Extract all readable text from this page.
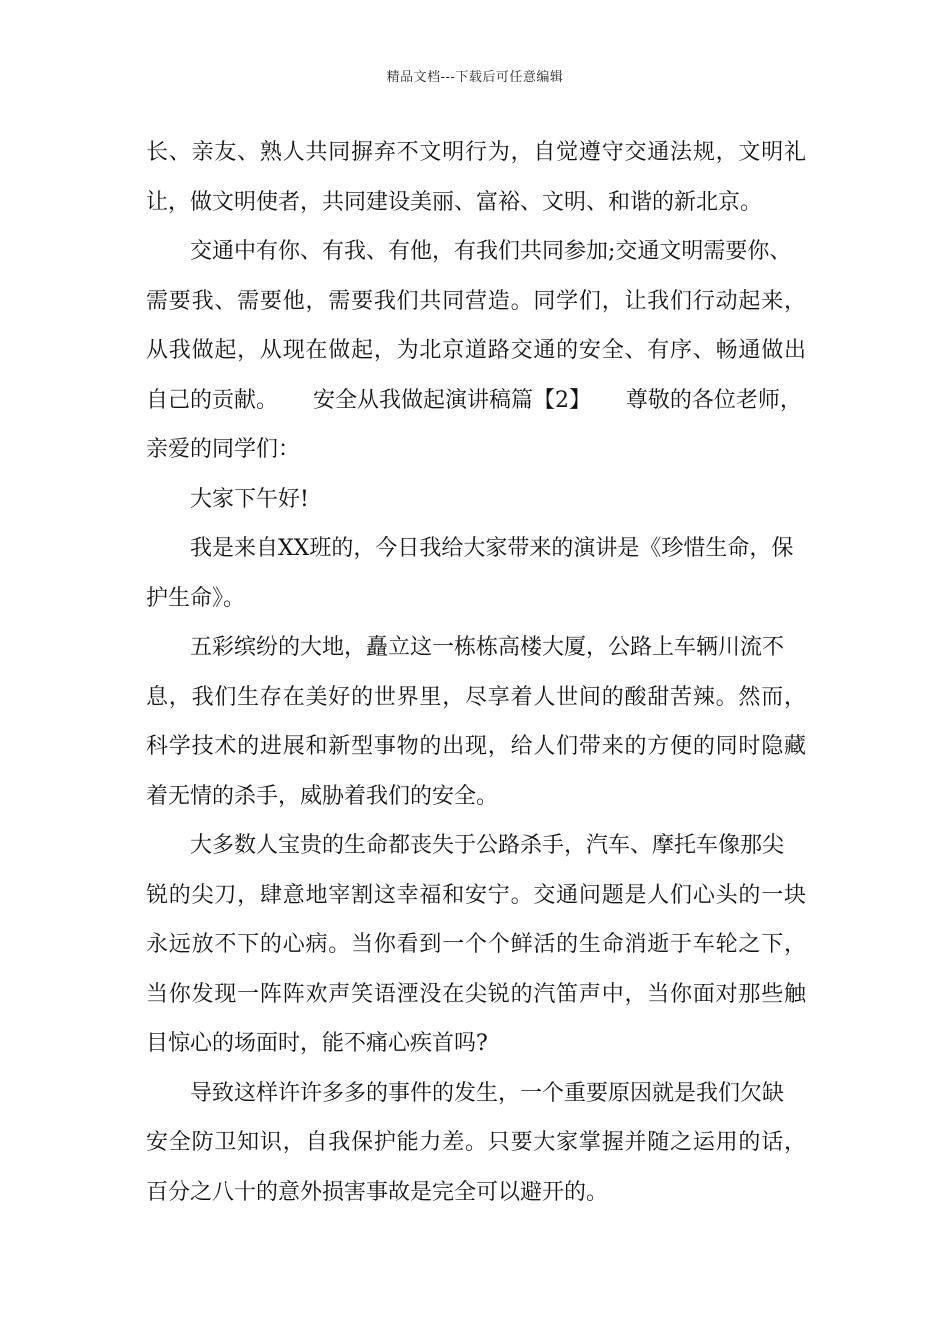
精品文档---下载后可任意编辑
长、亲友、熟人共同摒弃不文明行为，自觉遵守交通法规，文明礼
让，做文明使者，共同建设美丽、富裕、文明、和谐的新北京。
交通中有你、有我、有他，有我们共同参加;交通文明需要你、
需要我、需要他，需要我们共同营造。同学们，让我们行动起来，
从我做起，从现在做起，为北京道路交通的安全、有序、畅通做出
自己的贡献。     安全从我做起演讲稿篇【2】     尊敬的各位老师，
亲爱的同学们：
大家下午好!
我是来自XX班的，今日我给大家带来的演讲是《珍惜生命，保
护生命》。
五彩缤纷的大地，矗立这一栋栋高楼大厦，公路上车辆川流不
息，我们生存在美好的世界里，尽享着人世间的酸甜苦辣。然而，
科学技术的进展和新型事物的出现，给人们带来的方便的同时隐藏
着无情的杀手，威胁着我们的安全。
大多数人宝贵的生命都丧失于公路杀手，汽车、摩托车像那尖
锐的尖刀，肆意地宰割这幸福和安宁。交通问题是人们心头的一块
永远放不下的心病。当你看到一个个鲜活的生命消逝于车轮之下，
当你发现一阵阵欢声笑语湮没在尖锐的汽笛声中，当你面对那些触
目惊心的场面时，能不痛心疾首吗?
导致这样许许多多的事件的发生，一个重要原因就是我们欠缺
安全防卫知识，自我保护能力差。只要大家掌握并随之运用的话，
百分之八十的意外损害事故是完全可以避开的。
